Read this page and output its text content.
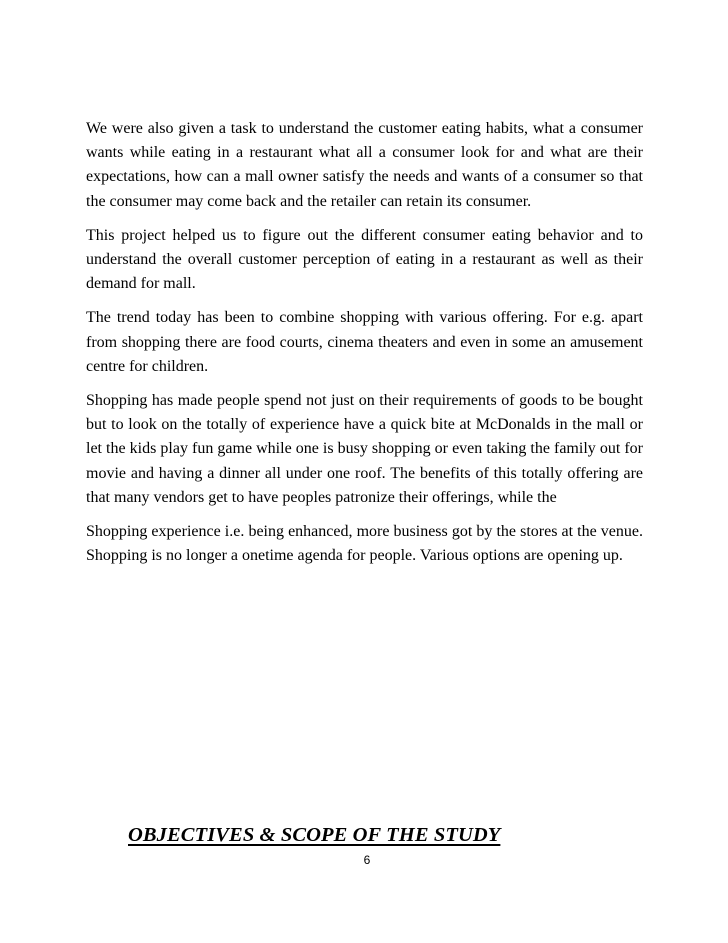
We were also given a task to understand the customer eating habits, what a consumer wants while eating in a restaurant what all a consumer look for and what are their expectations, how can a mall owner satisfy the needs and wants of a consumer so that the consumer may come back and the retailer can retain its consumer.

This project helped us to figure out the different consumer eating behavior and to understand the overall customer perception of eating in a restaurant as well as their demand for mall.

The trend today has been to combine shopping with various offering. For e.g. apart from shopping there are food courts, cinema theaters and even in some an amusement centre for children.

Shopping has made people spend not just on their requirements of goods to be bought but to look on the totally of experience have a quick bite at McDonalds in the mall or let the kids play fun game while one is busy shopping or even taking the family out for movie and having a dinner all under one roof. The benefits of this totally offering are that many vendors get to have peoples patronize their offerings, while the

Shopping experience i.e. being enhanced, more business got by the stores at the venue. Shopping is no longer a onetime agenda for people. Various options are opening up.

OBJECTIVES & SCOPE OF THE STUDY
6
